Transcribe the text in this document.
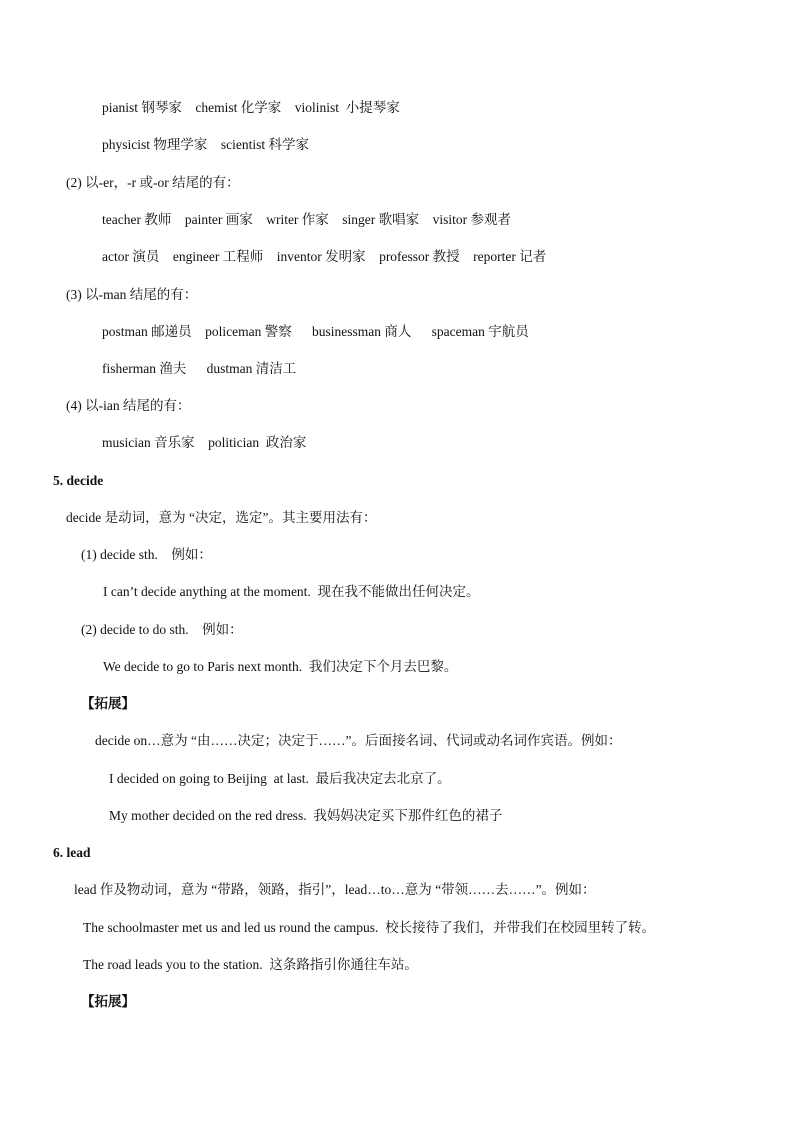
pianist 钢琴家    chemist 化学家    violinist  小提琴家
physicist 物理学家    scientist 科学家
(2) 以-er，-r 或-or 结尾的有：
teacher 教师    painter 画家    writer 作家    singer 歌唱家    visitor 参观者
actor 演员    engineer 工程师    inventor 发明家    professor 教授    reporter 记者
(3) 以-man 结尾的有：
postman 邮递员    policeman 警察      businessman 商人      spaceman 宇航员
fisherman 渔夫      dustman 清洁工
(4) 以-ian 结尾的有：
musician 音乐家    politician  政治家
5. decide
decide 是动词，意为 “决定，选定”。其主要用法有：
(1) decide sth.    例如：
I can’t decide anything at the moment.  现在我不能做出任何决定。
(2) decide to do sth.    例如：
We decide to go to Paris next month.  我们决定下个月去巴黎。
【拓展】
decide on…意为 “由……决定；决定于……”。后面接名词、代词或动名词作宾语。例如：
I decided on going to Beijing  at last.  最后我决定去北京了。
My mother decided on the red dress.  我妈妈决定买下那件红色的裙子
6. lead
lead 作及物动词，意为 “带路，领路，指引”，lead…to…意为 “带领……去……”。例如：
The schoolmaster met us and led us round the campus.  校长接待了我们，并带我们在校园里转了转。
The road leads you to the station.  这条路指引你通往车站。
【拓展】
